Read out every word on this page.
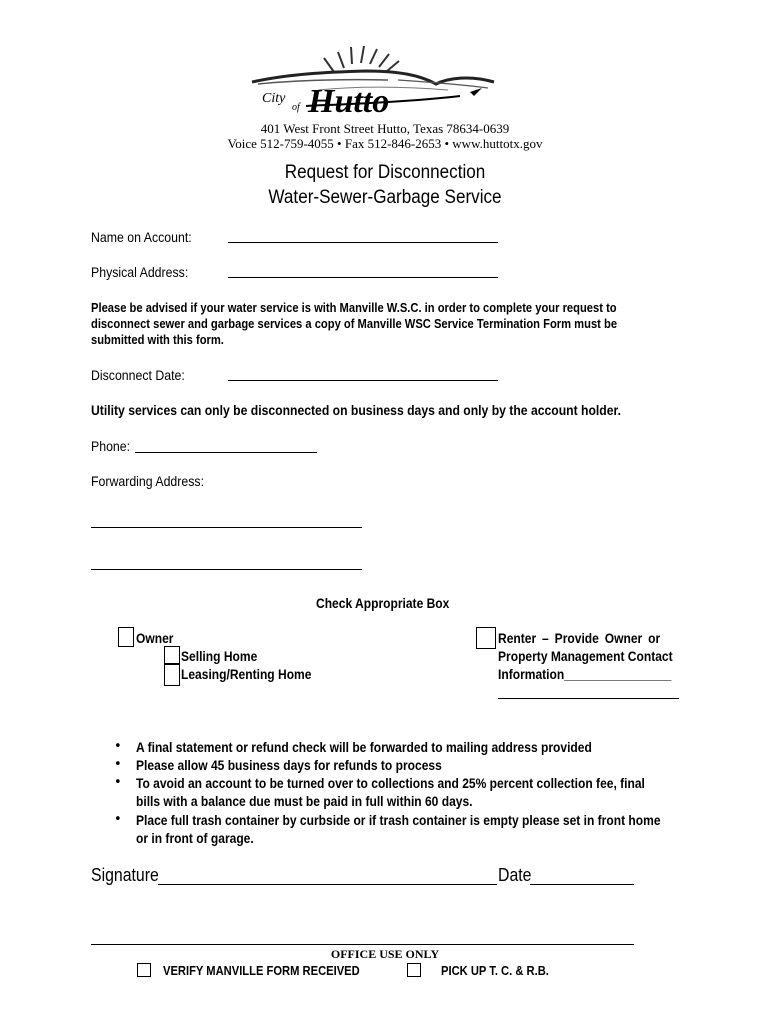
City
of Hutto
401 West Front Street Hutto, Texas 78634-0639
Voice 512-759-4055 • Fax 512-846-2653 • www.huttotx.gov
Request for Disconnection
Water-Sewer-Garbage Service
Name on Account:
Physical Address:
Please be advised if your water service is with Manville W.S.C. in order to complete your request to
disconnect sewer and garbage services a copy of Manville WSC Service Termination Form must be
submitted with this form.
Disconnect Date:
Utility services can only be disconnected on business days and only by the account holder.
Phone:
Forwarding Address:
Check Appropriate Box
Owner
Selling Home
Leasing/Renting Home
Renter – Provide Owner or
Property Management Contact
Information________________
• A final statement or refund check will be forwarded to mailing address provided
• Please allow 45 business days for refunds to process
• To avoid an account to be turned over to collections and 25% percent collection fee, final
bills with a balance due must be paid in full within 60 days.
• Place full trash container by curbside or if trash container is empty please set in front home
or in front of garage.
Signature	Date
OFFICE USE ONLY
VERIFY MANVILLE FORM RECEIVED	PICK UP T. C. & R.B.
